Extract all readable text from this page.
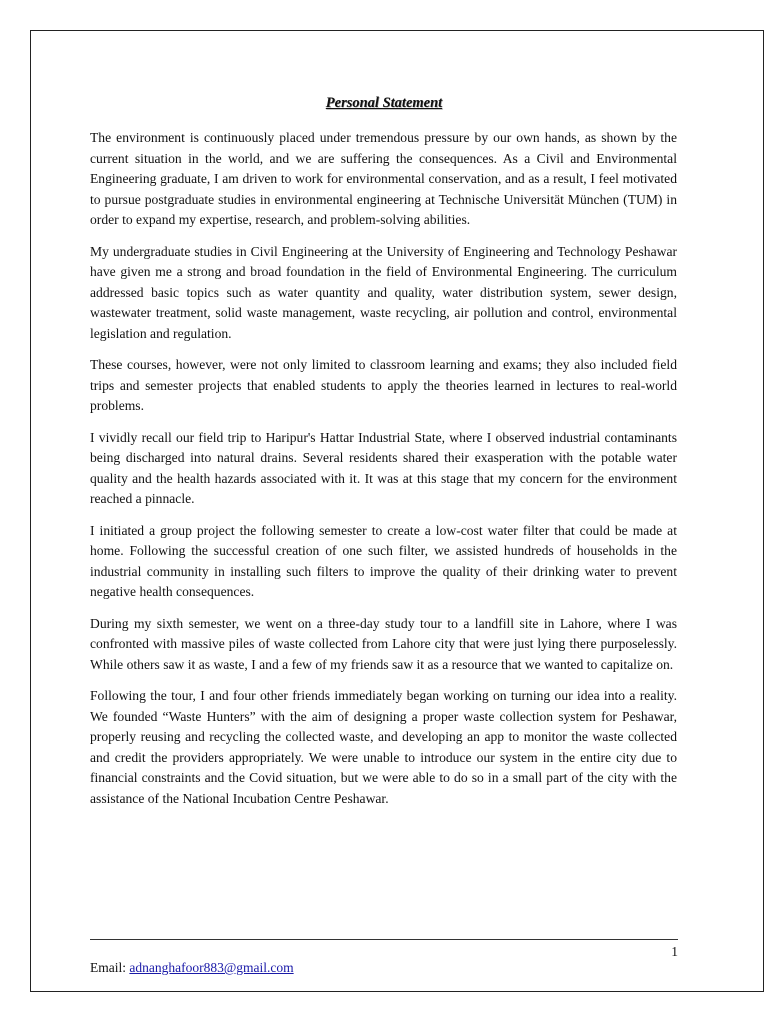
Personal Statement

The environment is continuously placed under tremendous pressure by our own hands, as shown by the current situation in the world, and we are suffering the consequences. As a Civil and Environmental Engineering graduate, I am driven to work for environmental conservation, and as a result, I feel motivated to pursue postgraduate studies in environmental engineering at Technische Universität München (TUM) in order to expand my expertise, research, and problem-solving abilities.

My undergraduate studies in Civil Engineering at the University of Engineering and Technology Peshawar have given me a strong and broad foundation in the field of Environmental Engineering. The curriculum addressed basic topics such as water quantity and quality, water distribution system, sewer design, wastewater treatment, solid waste management, waste recycling, air pollution and control, environmental legislation and regulation.

These courses, however, were not only limited to classroom learning and exams; they also included field trips and semester projects that enabled students to apply the theories learned in lectures to real-world problems.

I vividly recall our field trip to Haripur's Hattar Industrial State, where I observed industrial contaminants being discharged into natural drains. Several residents shared their exasperation with the potable water quality and the health hazards associated with it. It was at this stage that my concern for the environment reached a pinnacle.

I initiated a group project the following semester to create a low-cost water filter that could be made at home. Following the successful creation of one such filter, we assisted hundreds of households in the industrial community in installing such filters to improve the quality of their drinking water to prevent negative health consequences.

During my sixth semester, we went on a three-day study tour to a landfill site in Lahore, where I was confronted with massive piles of waste collected from Lahore city that were just lying there purposelessly. While others saw it as waste, I and a few of my friends saw it as a resource that we wanted to capitalize on.

Following the tour, I and four other friends immediately began working on turning our idea into a reality. We founded “Waste Hunters” with the aim of designing a proper waste collection system for Peshawar, properly reusing and recycling the collected waste, and developing an app to monitor the waste collected and credit the providers appropriately. We were unable to introduce our system in the entire city due to financial constraints and the Covid situation, but we were able to do so in a small part of the city with the assistance of the National Incubation Centre Peshawar.

1
Email: adnanghafoor883@gmail.com
